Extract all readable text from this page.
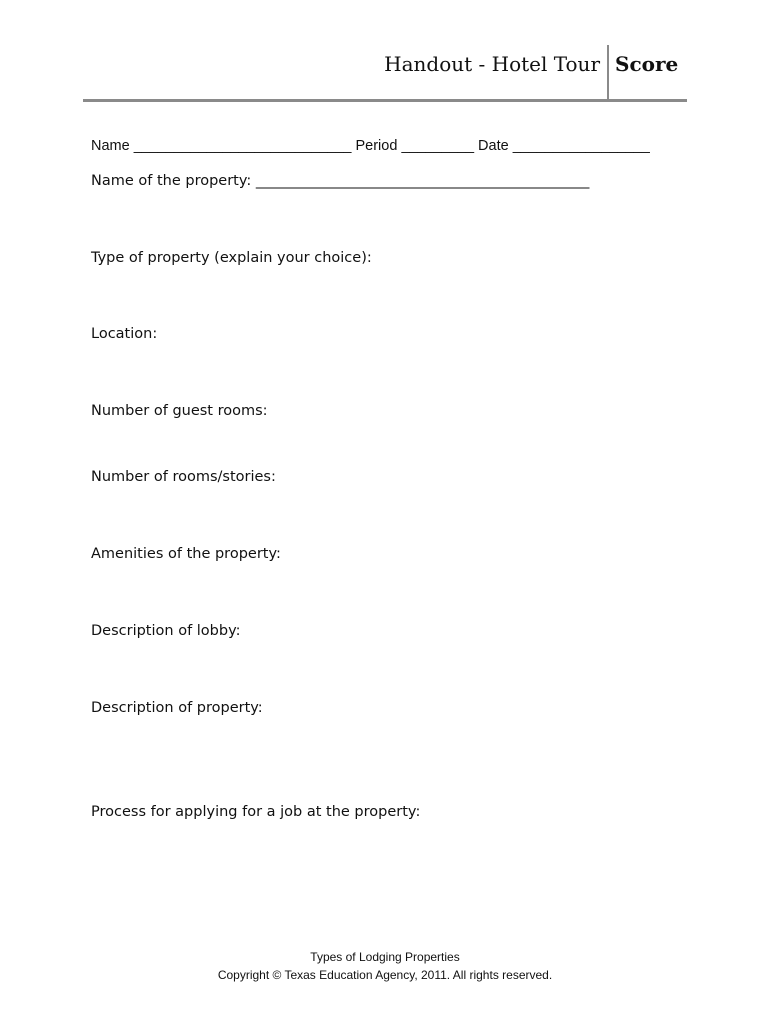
Handout - Hotel Tour Score
Name ___________________________ Period _________ Date _________________
Name of the property: ______________________________________________
Type of property (explain your choice):
Location:
Number of guest rooms:
Number of rooms/stories:
Amenities of the property:
Description of lobby:
Description of property:
Process for applying for a job at the property:
Types of Lodging Properties
Copyright © Texas Education Agency, 2011. All rights reserved.
